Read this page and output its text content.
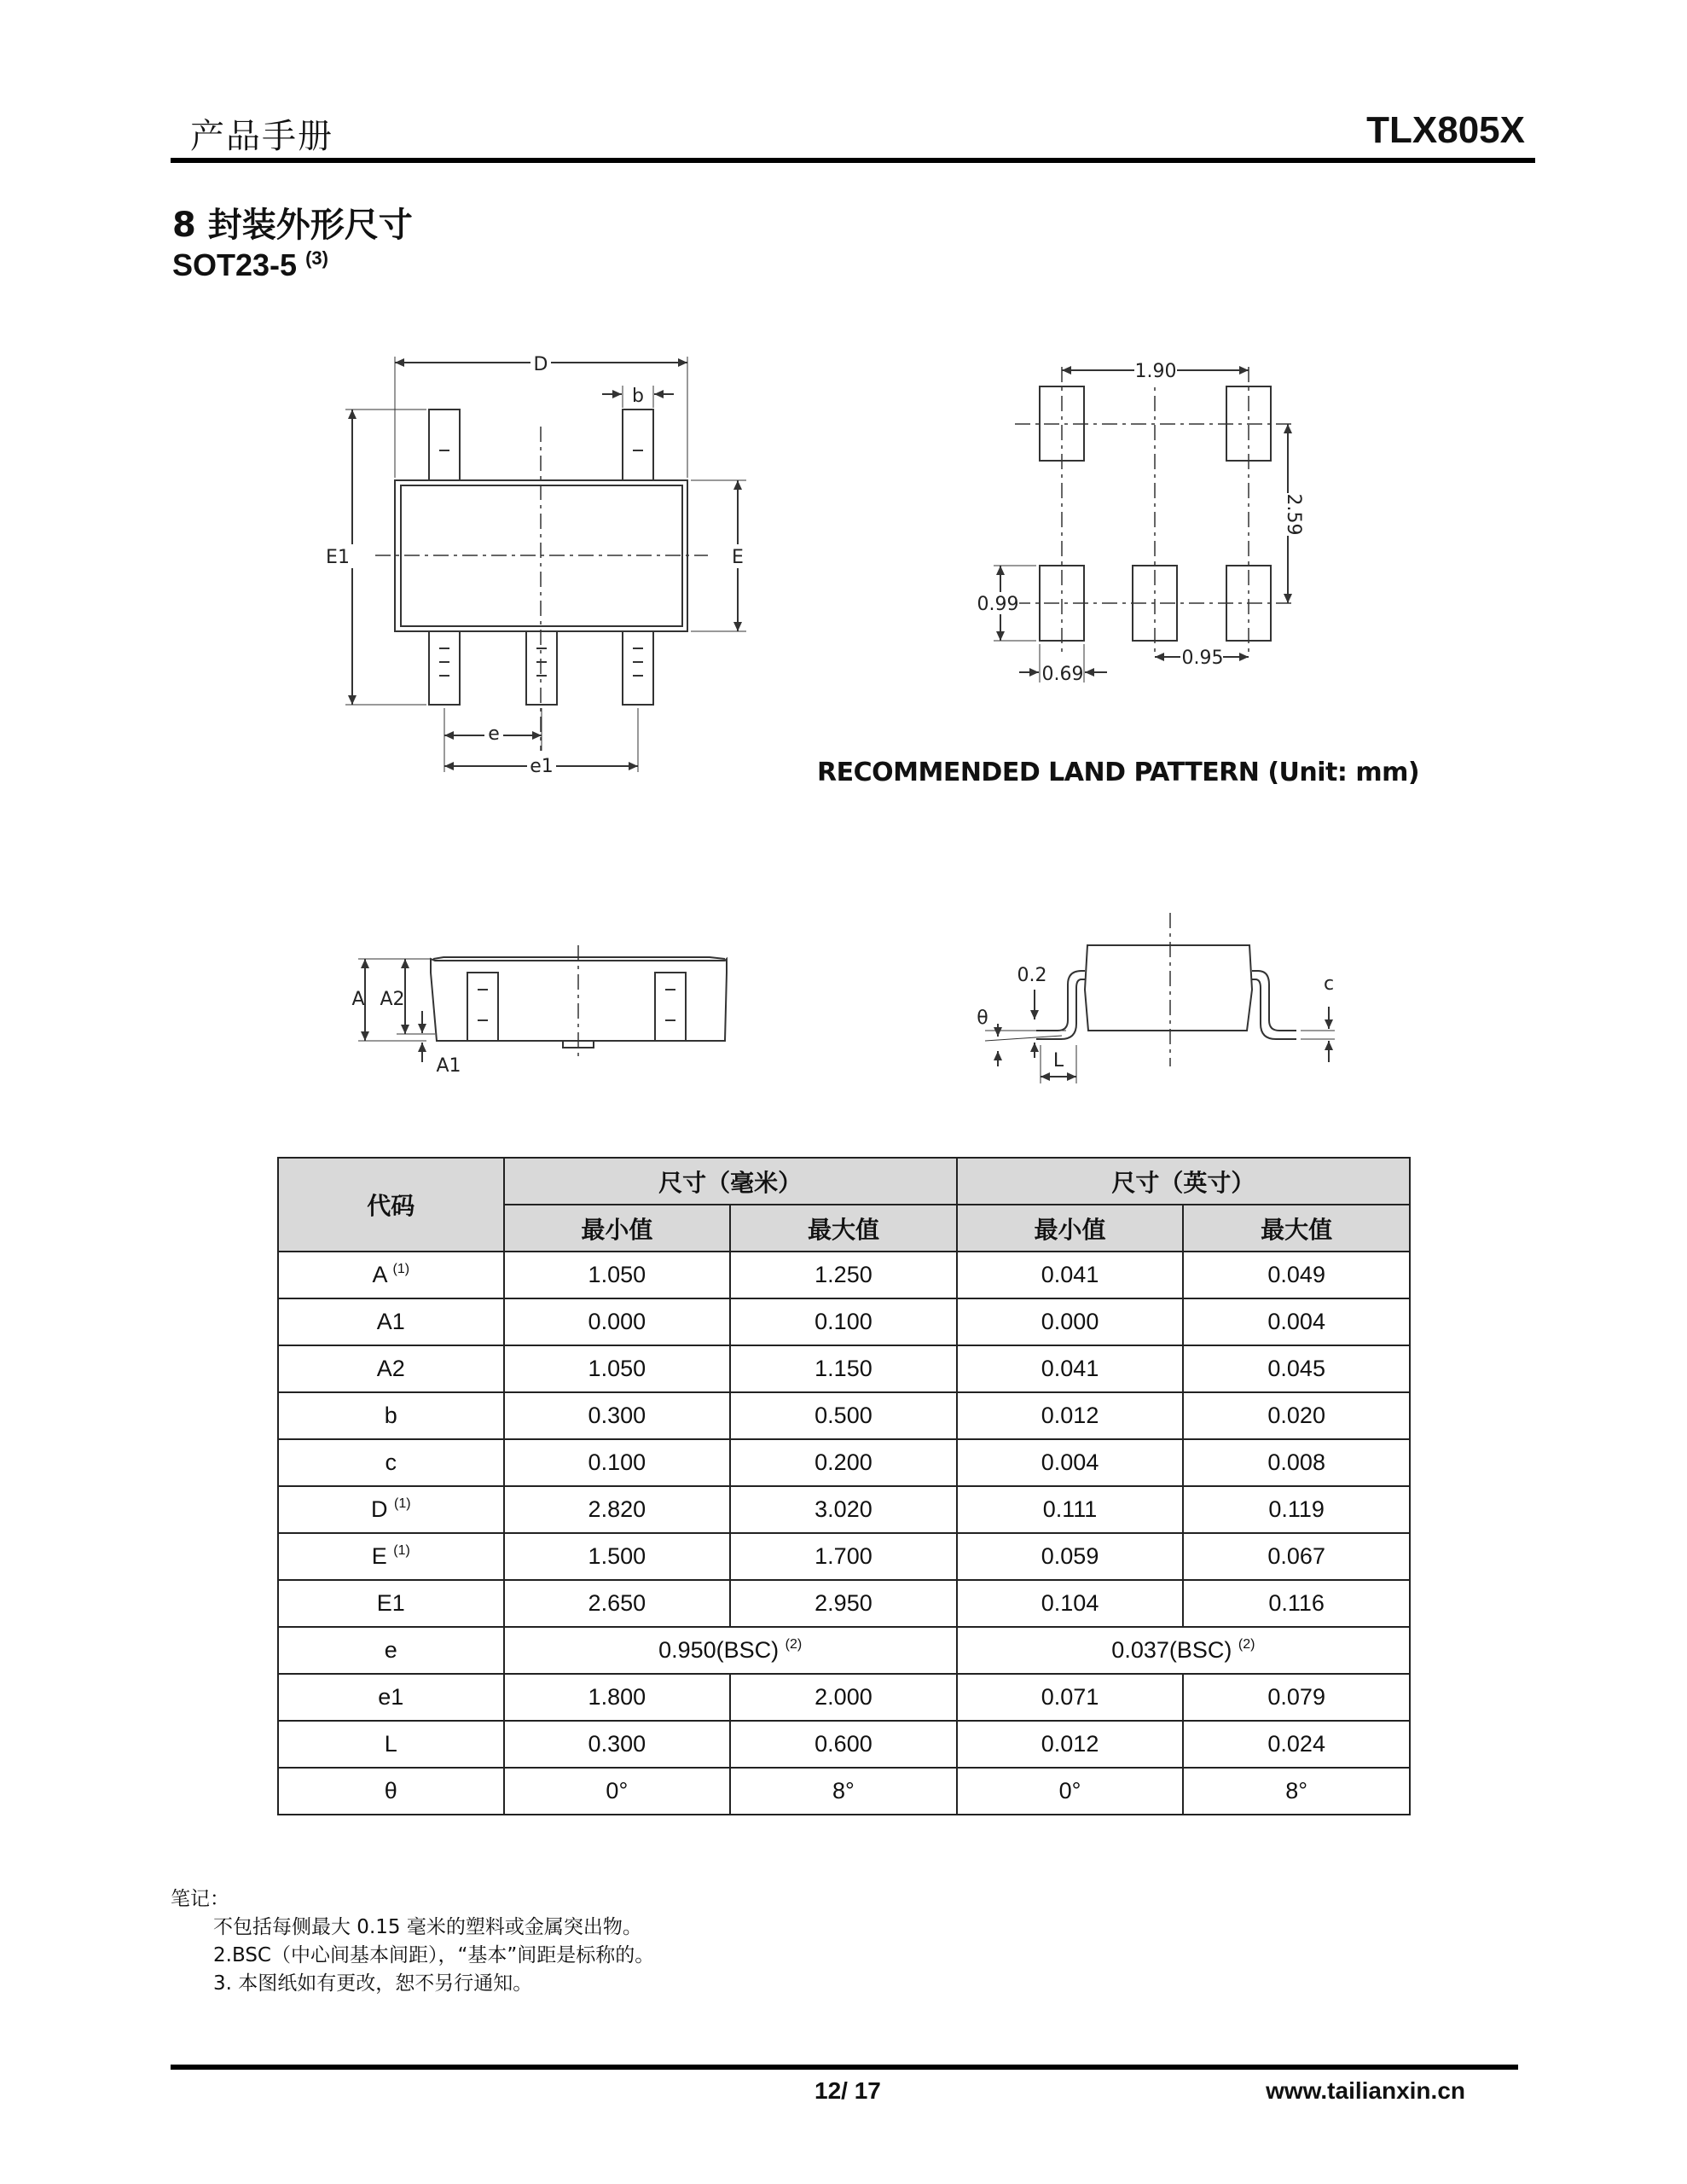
产品手册	TLX805X
8 封装外形尺寸
SOT23-5 $^{(3)}$
D
b
E1	E
e
e1
1.90
2.59
0.99
0.69
0.95
A A2
A1
0.2
θ
L
c
RECOMMENDED LAND PATTERN (Unit: mm)
代码	尺寸（毫米）		尺寸（英寸）	
	最小值	最大值	最小值	最大值
A $^{(1)}$	1.050	1.250	0.041	0.049
A1	0.000	0.100	0.000	0.004
A2	1.050	1.150	0.041	0.045
b	0.300	0.500	0.012	0.020
c	0.100	0.200	0.004	0.008
D $^{(1)}$	2.820	3.020	0.111	0.119
E $^{(1)}$	1.500	1.700	0.059	0.067
E1	2.650	2.950	0.104	0.116
e	0.950(BSC) $^{(2)}$		0.037(BSC) $^{(2)}$
e1	1.800	2.000	0.071	0.079
L	0.300	0.600	0.012	0.024
θ	0°	8°	0°	8°
笔记：
不包括每侧最大 0.15 毫米的塑料或金属突出物。
2.BSC（中心间基本间距），“基本”间距是标称的。
3. 本图纸如有更改，恕不另行通知。
12/ 17	www.tailianxin.cn
